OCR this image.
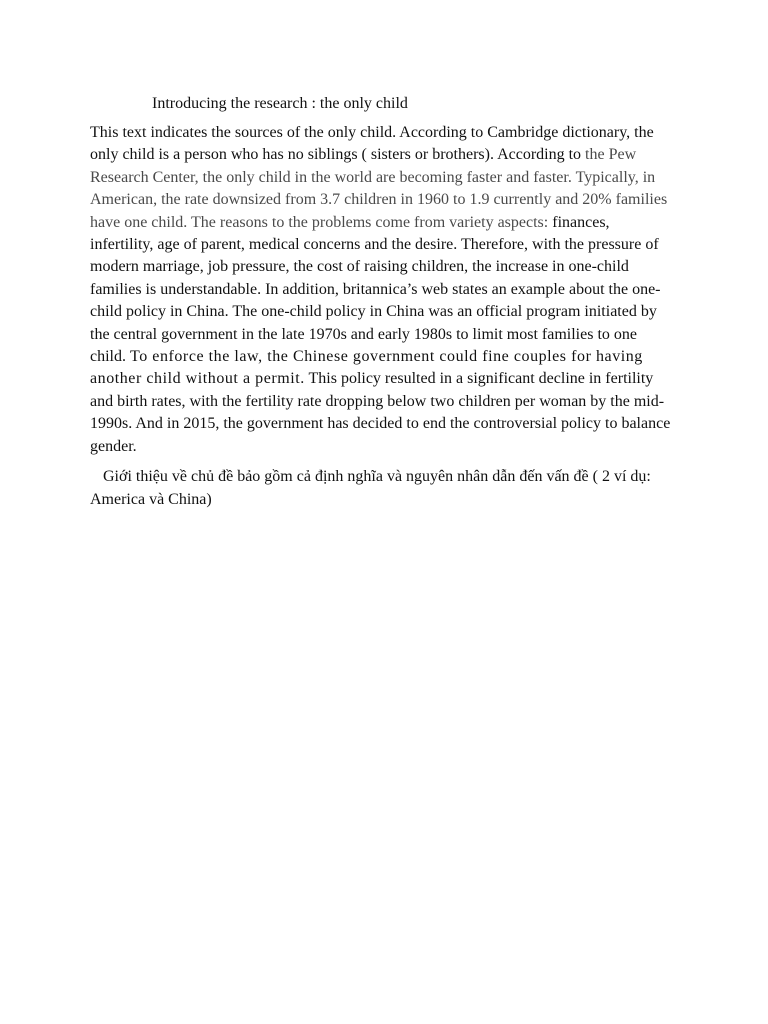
Introducing the research : the only child

This text indicates the sources of the only child. According to Cambridge dictionary, the only child is a person who has no siblings ( sisters or brothers). According to the Pew Research Center, the only child in the world are becoming faster and faster. Typically, in American, the rate downsized from 3.7 children in 1960 to 1.9 currently and 20% families have one child. The reasons to the problems come from variety aspects: finances, infertility, age of parent, medical concerns and the desire. Therefore, with the pressure of modern marriage, job pressure, the cost of raising children, the increase in one-child families is understandable. In addition, britannica’s web states an example about the one-child policy in China. The one-child policy in China was an official program initiated by the central government in the late 1970s and early 1980s to limit most families to one child. To enforce the law, the Chinese government could fine couples for having another child without a permit. This policy resulted in a significant decline in fertility and birth rates, with the fertility rate dropping below two children per woman by the mid-1990s. And in 2015, the government has decided to end the controversial policy to balance gender.

Giới thiệu về chủ đề bảo gồm cả định nghĩa và nguyên nhân dẫn đến vấn đề ( 2 ví dụ: America và China)
